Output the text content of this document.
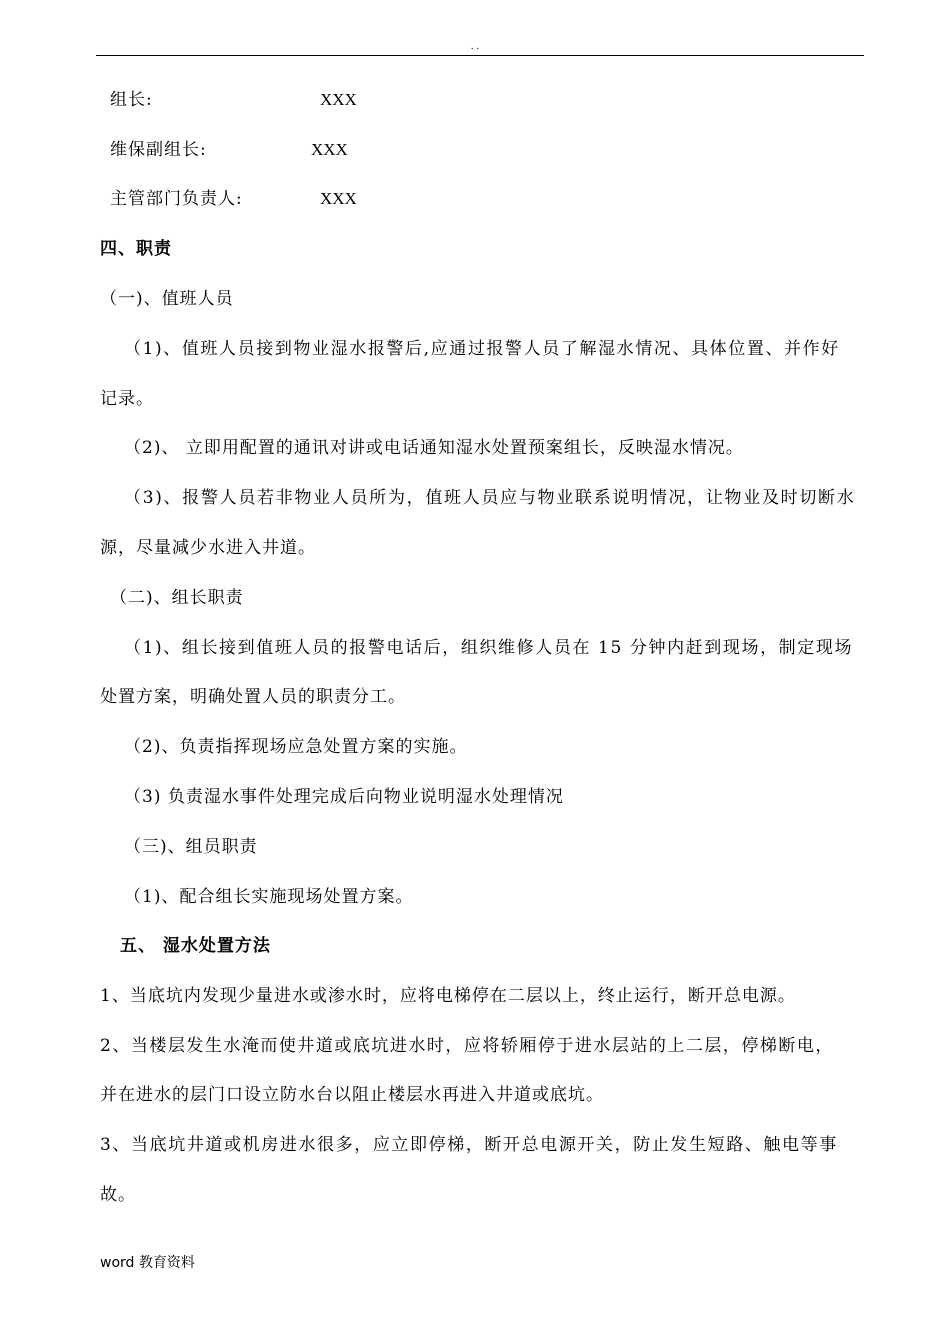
. .
组长:	XXX
维保副组长:	XXX
主管部门负责人:	XXX
四、职责
（一)、值班人员
（1)、值班人员接到物业湿水报警后,应通过报警人员了解湿水情况、具体位置、并作好
记录。
（2)、 立即用配置的通讯对讲或电话通知湿水处置预案组长，反映湿水情况。
（3)、报警人员若非物业人员所为，值班人员应与物业联系说明情况，让物业及时切断水
源，尽量减少水进入井道。
（二)、组长职责
（1)、组长接到值班人员的报警电话后，组织维修人员在 15 分钟内赶到现场，制定现场
处置方案，明确处置人员的职责分工。
（2)、负责指挥现场应急处置方案的实施。
（3) 负责湿水事件处理完成后向物业说明湿水处理情况
（三)、组员职责
（1)、配合组长实施现场处置方案。
五、 湿水处置方法
1、当底坑内发现少量进水或渗水时，应将电梯停在二层以上，终止运行，断开总电源。
2、当楼层发生水淹而使井道或底坑进水时，应将轿厢停于进水层站的上二层，停梯断电，
并在进水的层门口设立防水台以阻止楼层水再进入井道或底坑。
3、当底坑井道或机房进水很多，应立即停梯，断开总电源开关，防止发生短路、触电等事
故。
word 教育资料
